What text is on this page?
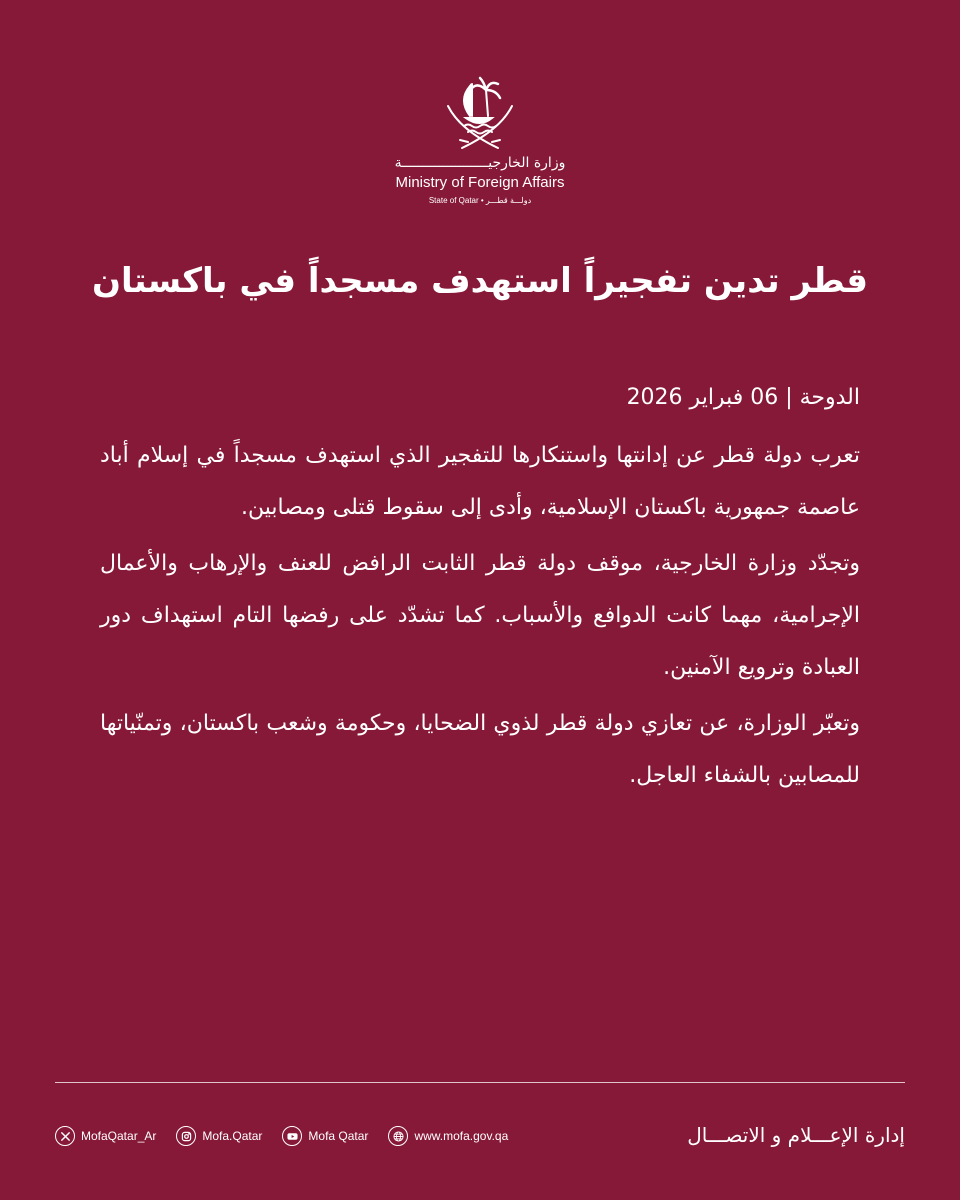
وزارة الخارجيـــــــــــــــــــــة
Ministry of Foreign Affairs
State of Qatar • دولـــة قطـــر
قطر تدين تفجيراً استهدف مسجداً في باكستان

الدوحة | 06 فبراير 2026

تعرب دولة قطر عن إدانتها واستنكارها للتفجير الذي استهدف مسجداً في إسلام أباد عاصمة جمهورية باكستان الإسلامية، وأدى إلى سقوط قتلى ومصابين.

وتجدّد وزارة الخارجية، موقف دولة قطر الثابت الرافض للعنف والإرهاب والأعمال الإجرامية، مهما كانت الدوافع والأسباب. كما تشدّد على رفضها التام استهداف دور العبادة وترويع الآمنين.

وتعبّر الوزارة، عن تعازي دولة قطر لذوي الضحايا، وحكومة وشعب باكستان، وتمنّياتها للمصابين بالشفاء العاجل.

MofaQatar_Ar	Mofa.Qatar	Mofa Qatar	www.mofa.gov.qa	إدارة الإعـــلام و الاتصـــال
